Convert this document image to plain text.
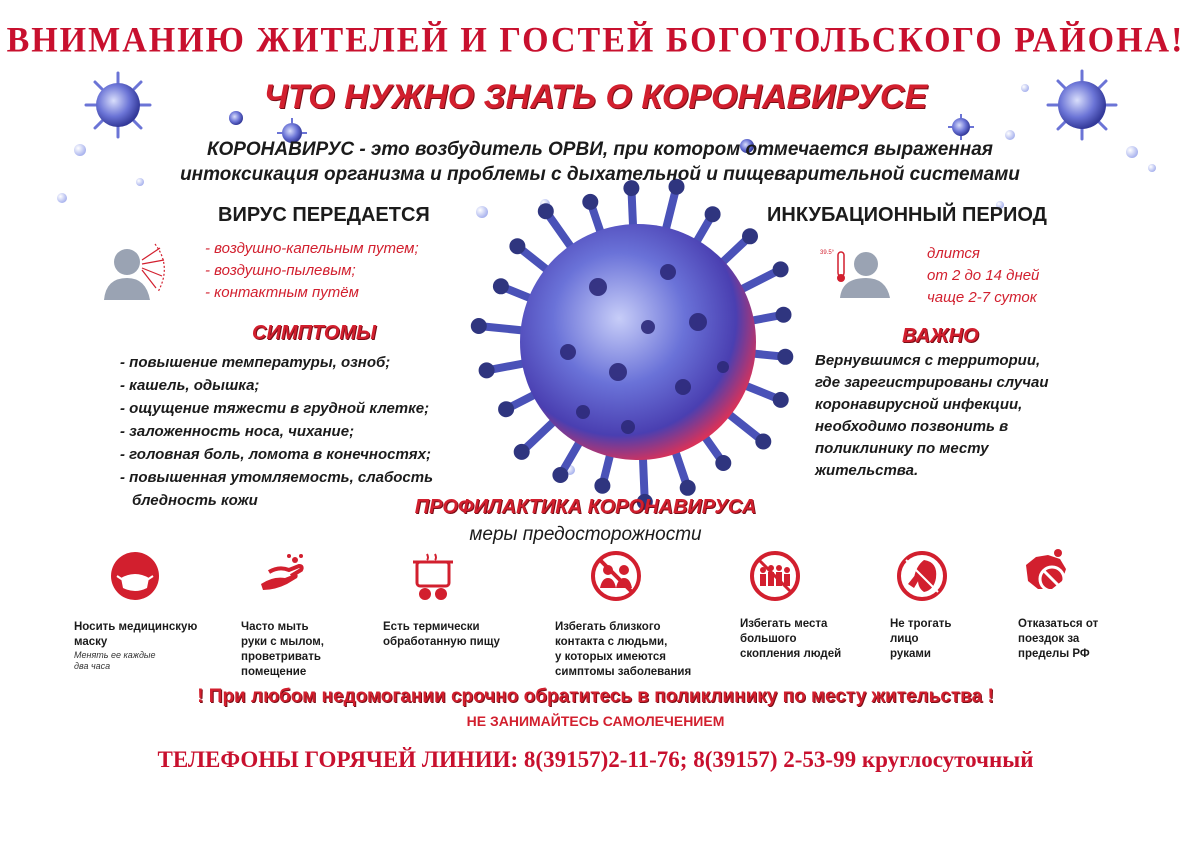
ВНИМАНИЮ ЖИТЕЛЕЙ И ГОСТЕЙ БОГОТОЛЬСКОГО РАЙОНА!
ЧТО НУЖНО ЗНАТЬ О КОРОНАВИРУСЕ
КОРОНАВИРУС - это возбудитель ОРВИ, при котором отмечается выраженная
интоксикация организма и проблемы с дыхательной и пищеварительной системами
ВИРУС ПЕРЕДАЕТСЯ
- воздушно-капельным путем;
- воздушно-пылевым;
- контактным путём
ИНКУБАЦИОННЫЙ ПЕРИОД
39.5°	длится
от 2 до 14 дней
чаще 2-7 суток
СИМПТОМЫ
- повышение температуры, озноб;
- кашель, одышка;
- ощущение тяжести в грудной клетке;
- заложенность носа, чихание;
- головная боль, ломота в конечностях;
- повышенная утомляемость, слабость
бледность кожи
ВАЖНО
Вернувшимся с территории,
где зарегистрированы случаи
коронавирусной инфекции,
необходимо позвонить в
поликлинику по месту
жительства.
ПРОФИЛАКТИКА КОРОНАВИРУСА
меры предосторожности
Носить медицинскую
маску
Менять ее каждые
два часа
Часто мыть
руки с мылом,
проветривать
помещение
Есть термически
обработанную пищу
Избегать близкого
контакта с людьми,
у которых имеются
симптомы заболевания
Избегать места
большого
скопления людей
Не трогать
лицо
руками
Отказаться от
поездок за
пределы РФ
! При любом недомогании срочно обратитесь в поликлинику по месту жительства !
НЕ ЗАНИМАЙТЕСЬ САМОЛЕЧЕНИЕМ
ТЕЛЕФОНЫ ГОРЯЧЕЙ ЛИНИИ: 8(39157)2-11-76; 8(39157) 2-53-99 круглосуточный
